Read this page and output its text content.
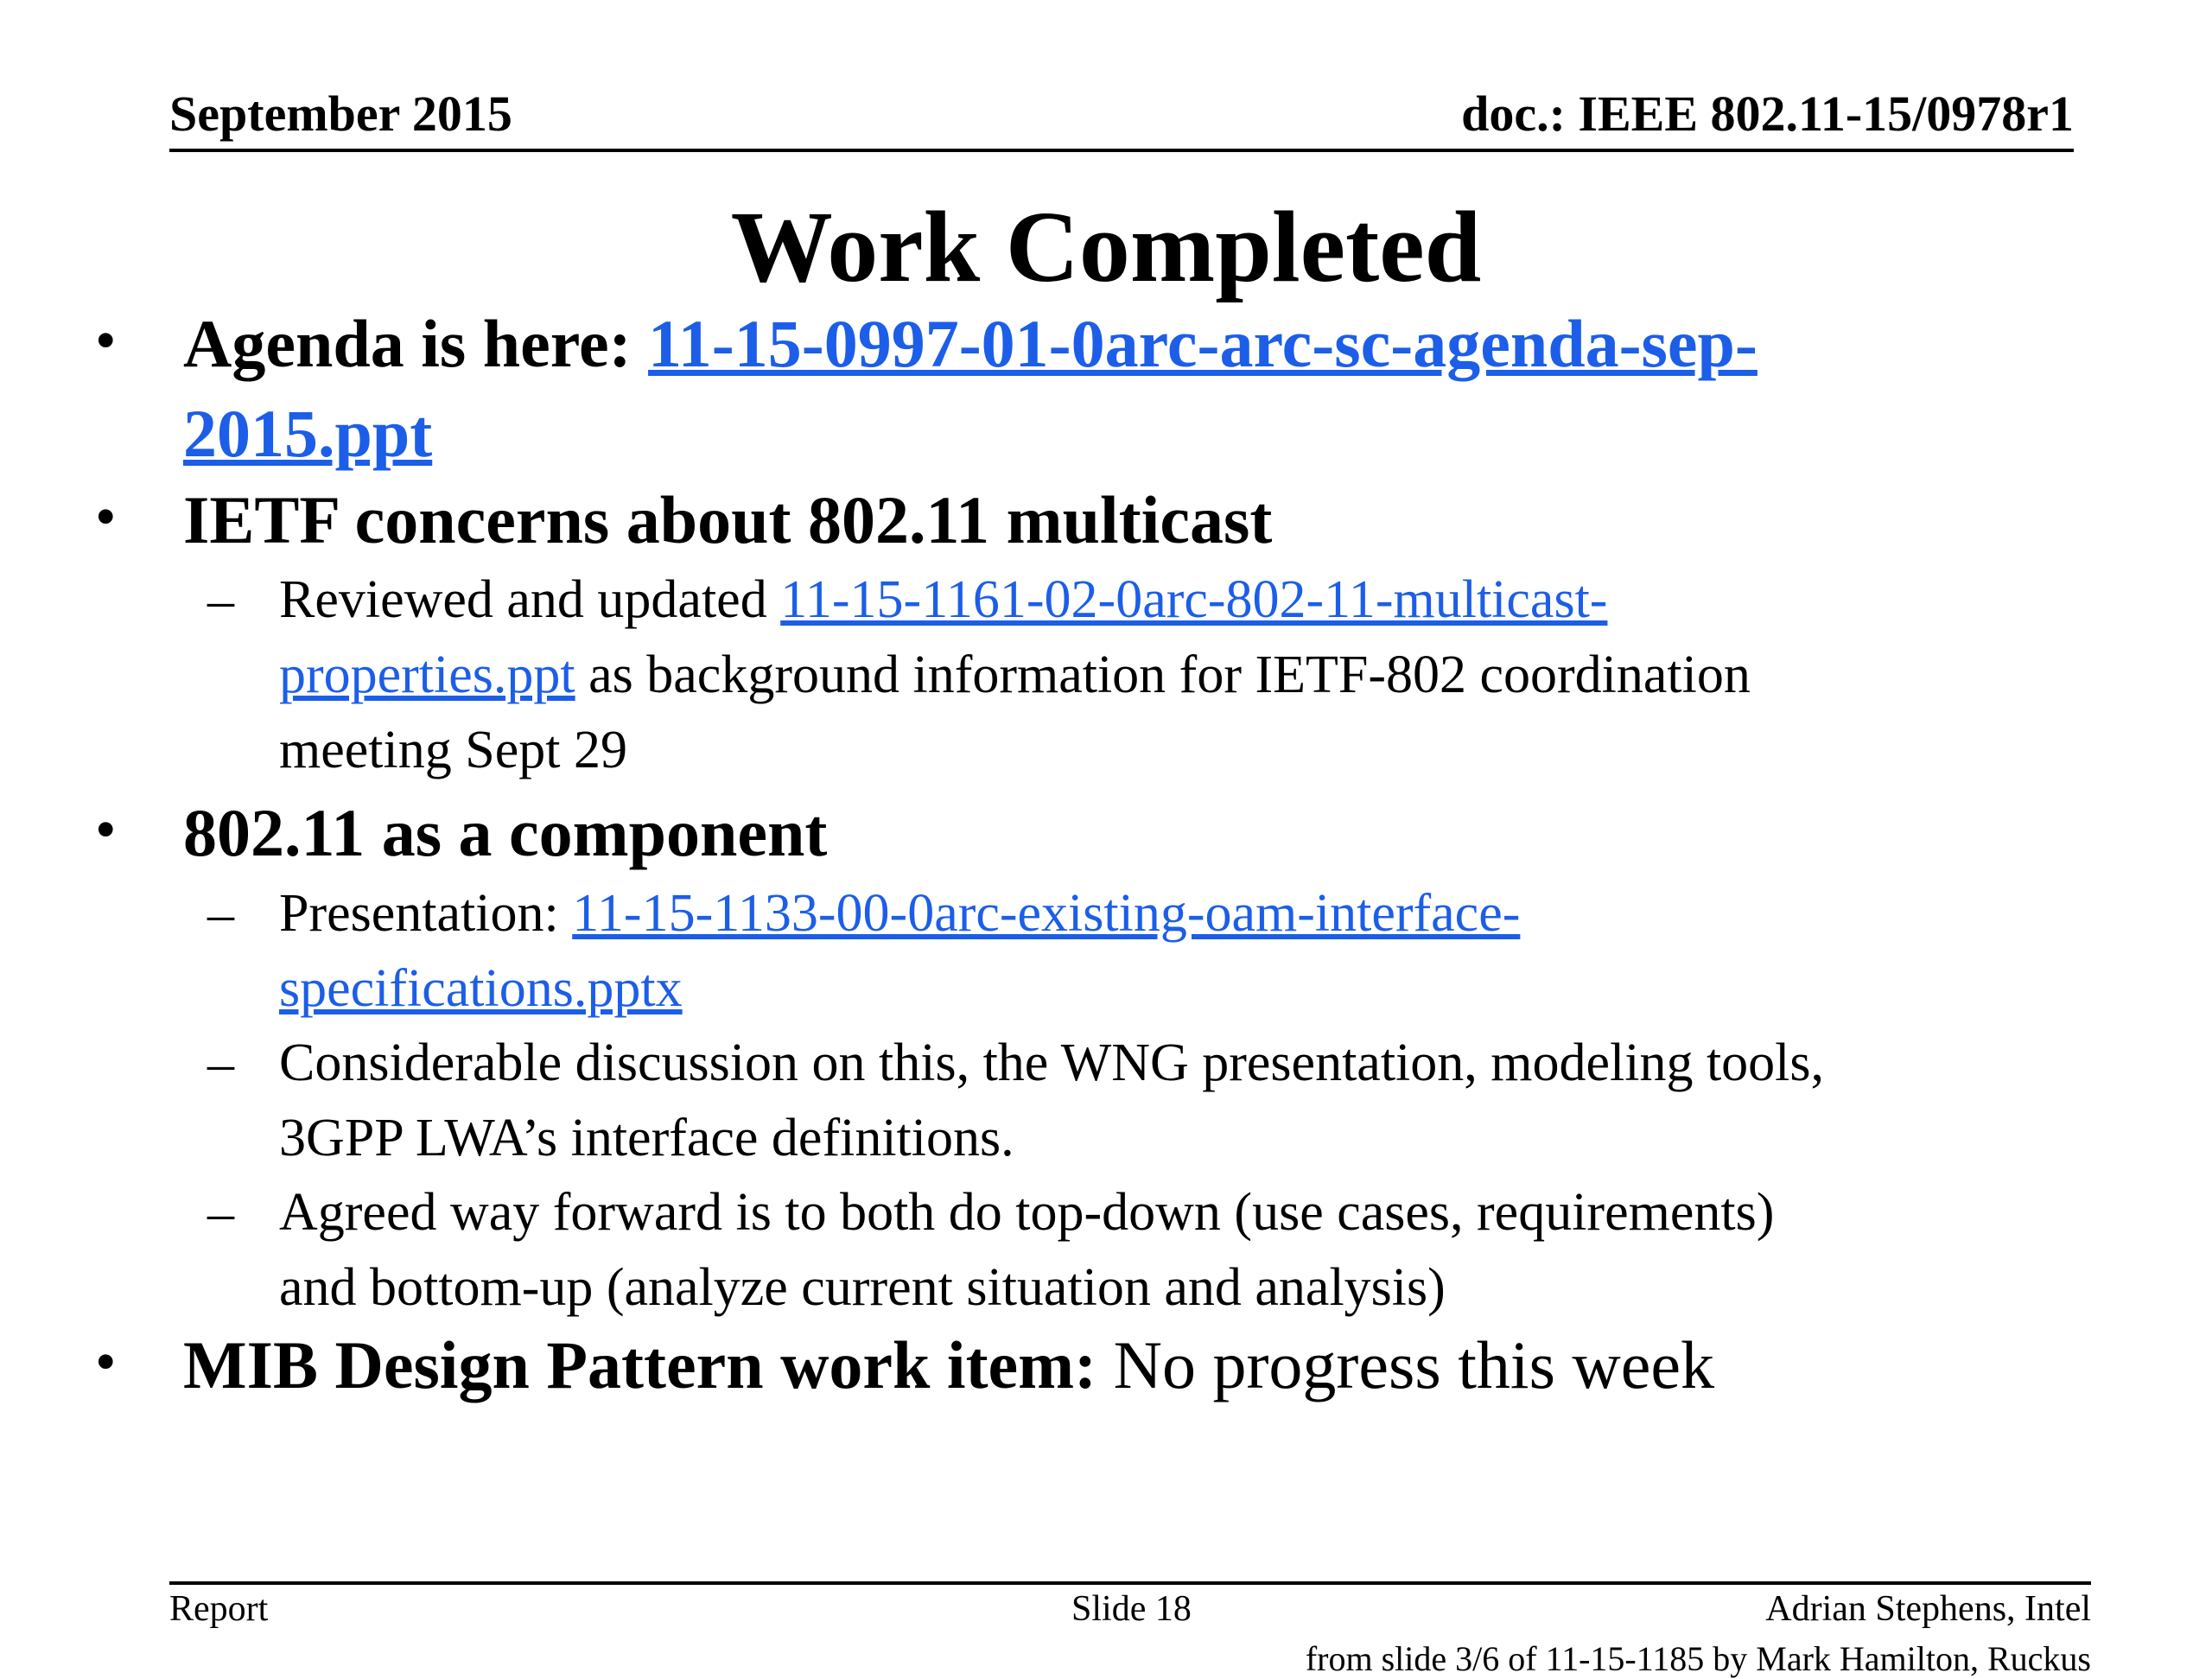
September 2015	doc.: IEEE 802.11-15/0978r1
Work Completed
• Agenda is here: 11-15-0997-01-0arc-arc-sc-agenda-sep-
2015.ppt
• IETF concerns about 802.11 multicast
– Reviewed and updated 11-15-1161-02-0arc-802-11-multicast-
properties.ppt as background information for IETF-802 coordination
meeting Sept 29
• 802.11 as a component
– Presentation: 11-15-1133-00-0arc-existing-oam-interface-
specifications.pptx
– Considerable discussion on this, the WNG presentation, modeling tools,
3GPP LWA’s interface definitions.
– Agreed way forward is to both do top-down (use cases, requirements)
and bottom-up (analyze current situation and analysis)
• MIB Design Pattern work item: No progress this week
Report	Slide 18	Adrian Stephens, Intel
from slide 3/6 of 11-15-1185 by Mark Hamilton, Ruckus
